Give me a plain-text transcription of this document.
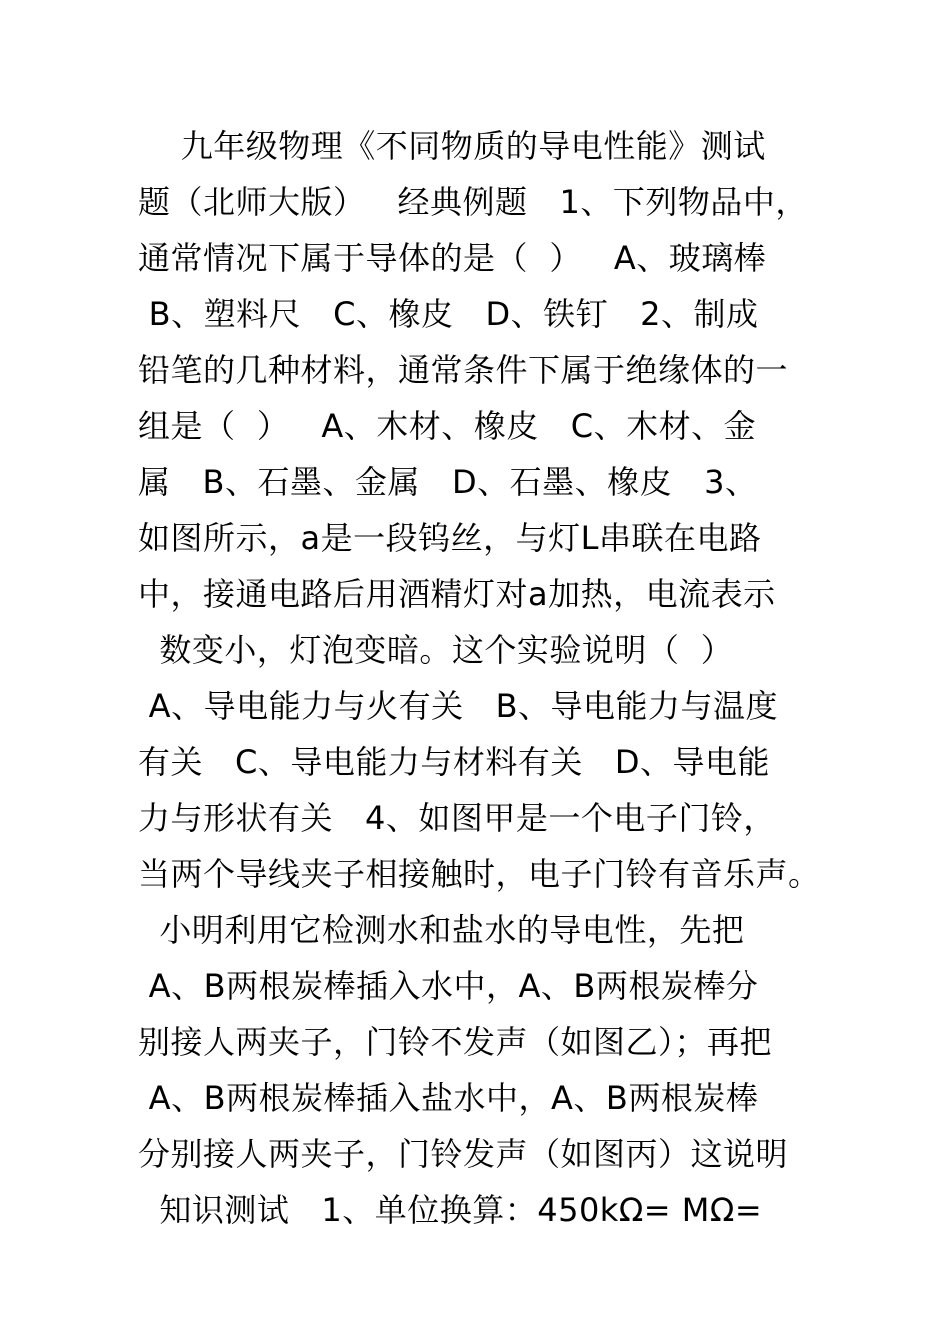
九年级物理《不同物质的导电性能》测试
题（北师大版）   经典例题   1、下列物品中，
通常情况下属于导体的是（  ）   A、玻璃棒
B、塑料尺   C、橡皮   D、铁钉   2、制成
铅笔的几种材料，通常条件下属于绝缘体的一
组是（  ）   A、木材、橡皮   C、木材、金
属   B、石墨、金属   D、石墨、橡皮   3、
如图所示，a是一段钨丝，与灯L串联在电路
中，接通电路后用酒精灯对a加热，电流表示
数变小，灯泡变暗。这个实验说明（  ）
A、导电能力与火有关   B、导电能力与温度
有关   C、导电能力与材料有关   D、导电能
力与形状有关   4、如图甲是一个电子门铃，
当两个导线夹子相接触时，电子门铃有音乐声。
小明利用它检测水和盐水的导电性，先把
A、B两根炭棒插入水中，A、B两根炭棒分
别接人两夹子，门铃不发声（如图乙）；再把
A、B两根炭棒插入盐水中，A、B两根炭棒
分别接人两夹子，门铃发声（如图丙）这说明
知识测试   1、单位换算：450kΩ= MΩ=
